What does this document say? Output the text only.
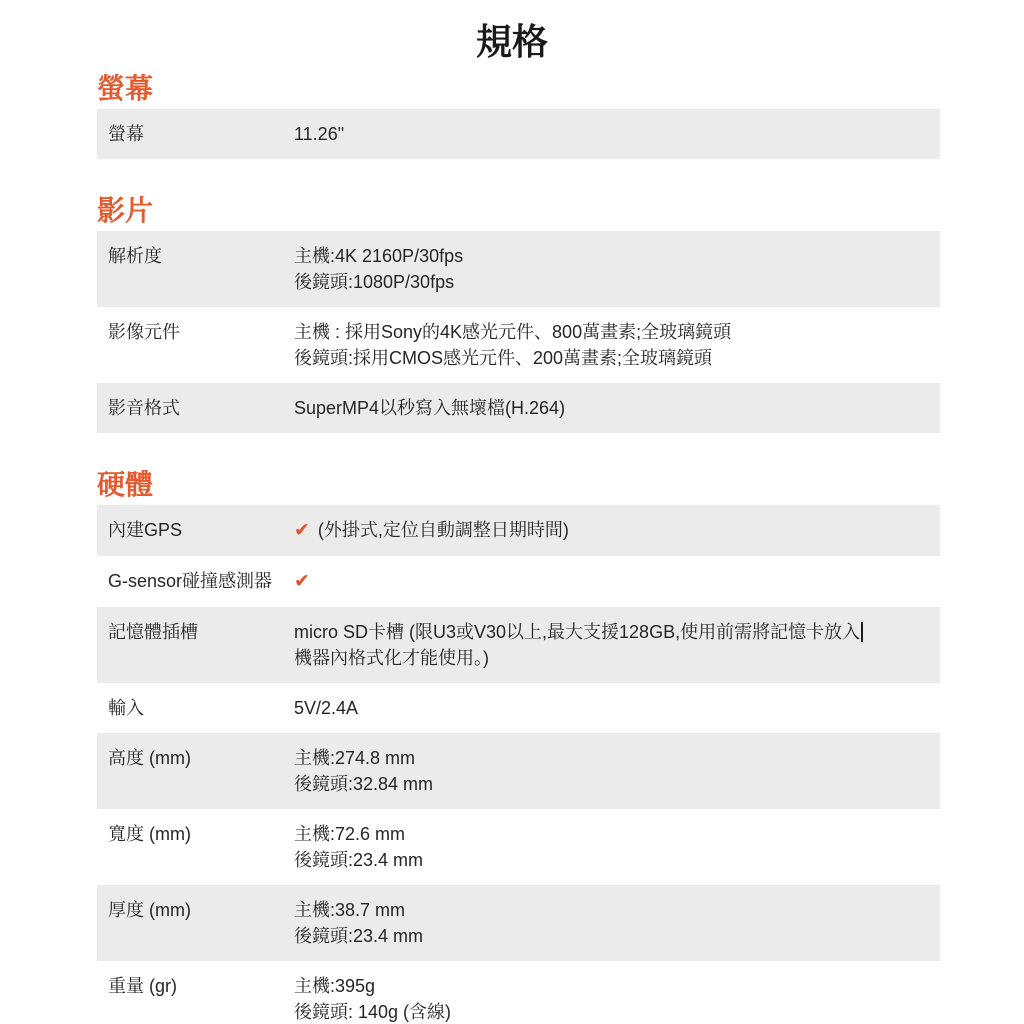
規格
螢幕
螢幕	11.26"
影片
解析度	主機:4K 2160P/30fps
後鏡頭:1080P/30fps
影像元件	主機 : 採用Sony的4K感光元件、800萬畫素;全玻璃鏡頭
後鏡頭:採用CMOS感光元件、200萬畫素;全玻璃鏡頭
影音格式	SuperMP4以秒寫入無壞檔(H.264)
硬體
內建GPS	✔ (外掛式,定位自動調整日期時間)
G-sensor碰撞感測器	✔
記憶體插槽	micro SD卡槽 (限U3或V30以上,最大支援128GB,使用前需將記憶卡放入
機器內格式化才能使用。)
輸入	5V/2.4A
高度 (mm)	主機:274.8 mm
後鏡頭:32.84 mm
寬度 (mm)	主機:72.6 mm
後鏡頭:23.4 mm
厚度 (mm)	主機:38.7 mm
後鏡頭:23.4 mm
重量 (gr)	主機:395g
後鏡頭: 140g (含線)
